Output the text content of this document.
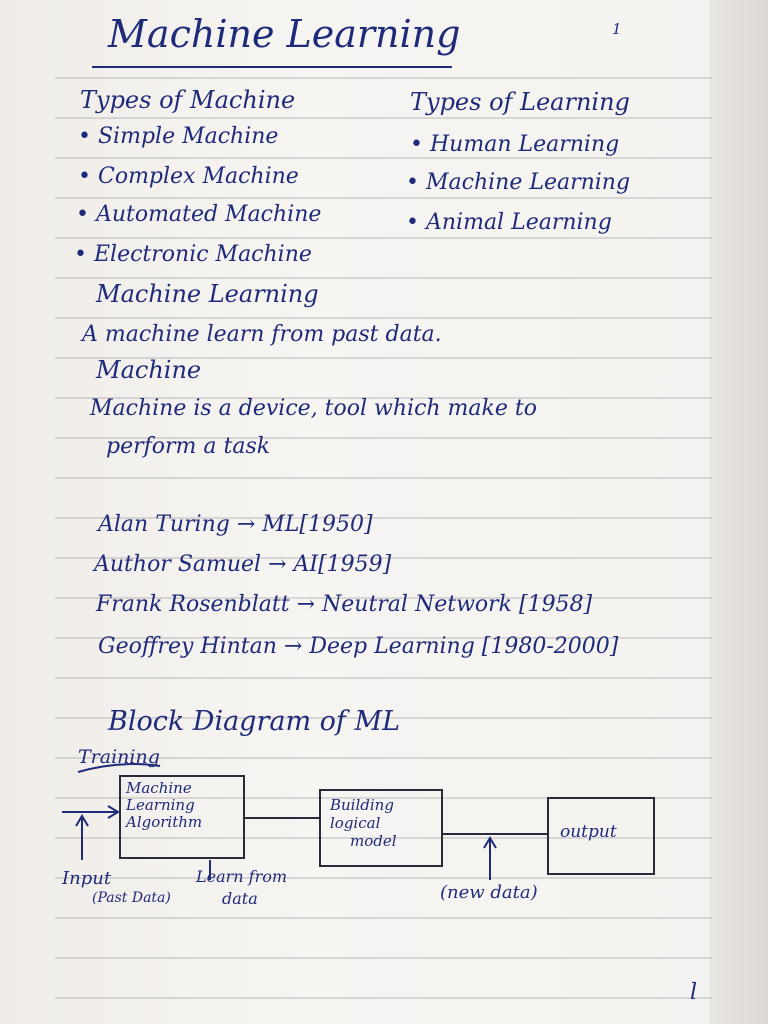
Machine Learning	1
Types of Machine
• Simple Machine
• Complex Machine
• Automated Machine
• Electronic Machine
Types of Learning
• Human Learning
• Machine Learning
• Animal Learning
Machine Learning
A machine learn from past data.
Machine
Machine is a device, tool which make to
perform a task
Alan Turing → ML[1950]
Author Samuel → AI[1959]
Frank Rosenblatt → Neutral Network [1958]
Geoffrey Hintan → Deep Learning [1980-2000]
Block Diagram of ML
Training
Machine
Learning
Algorithm
Building
logical
model	output
Input
(Past Data)
Learn from
data	(new data)
l
